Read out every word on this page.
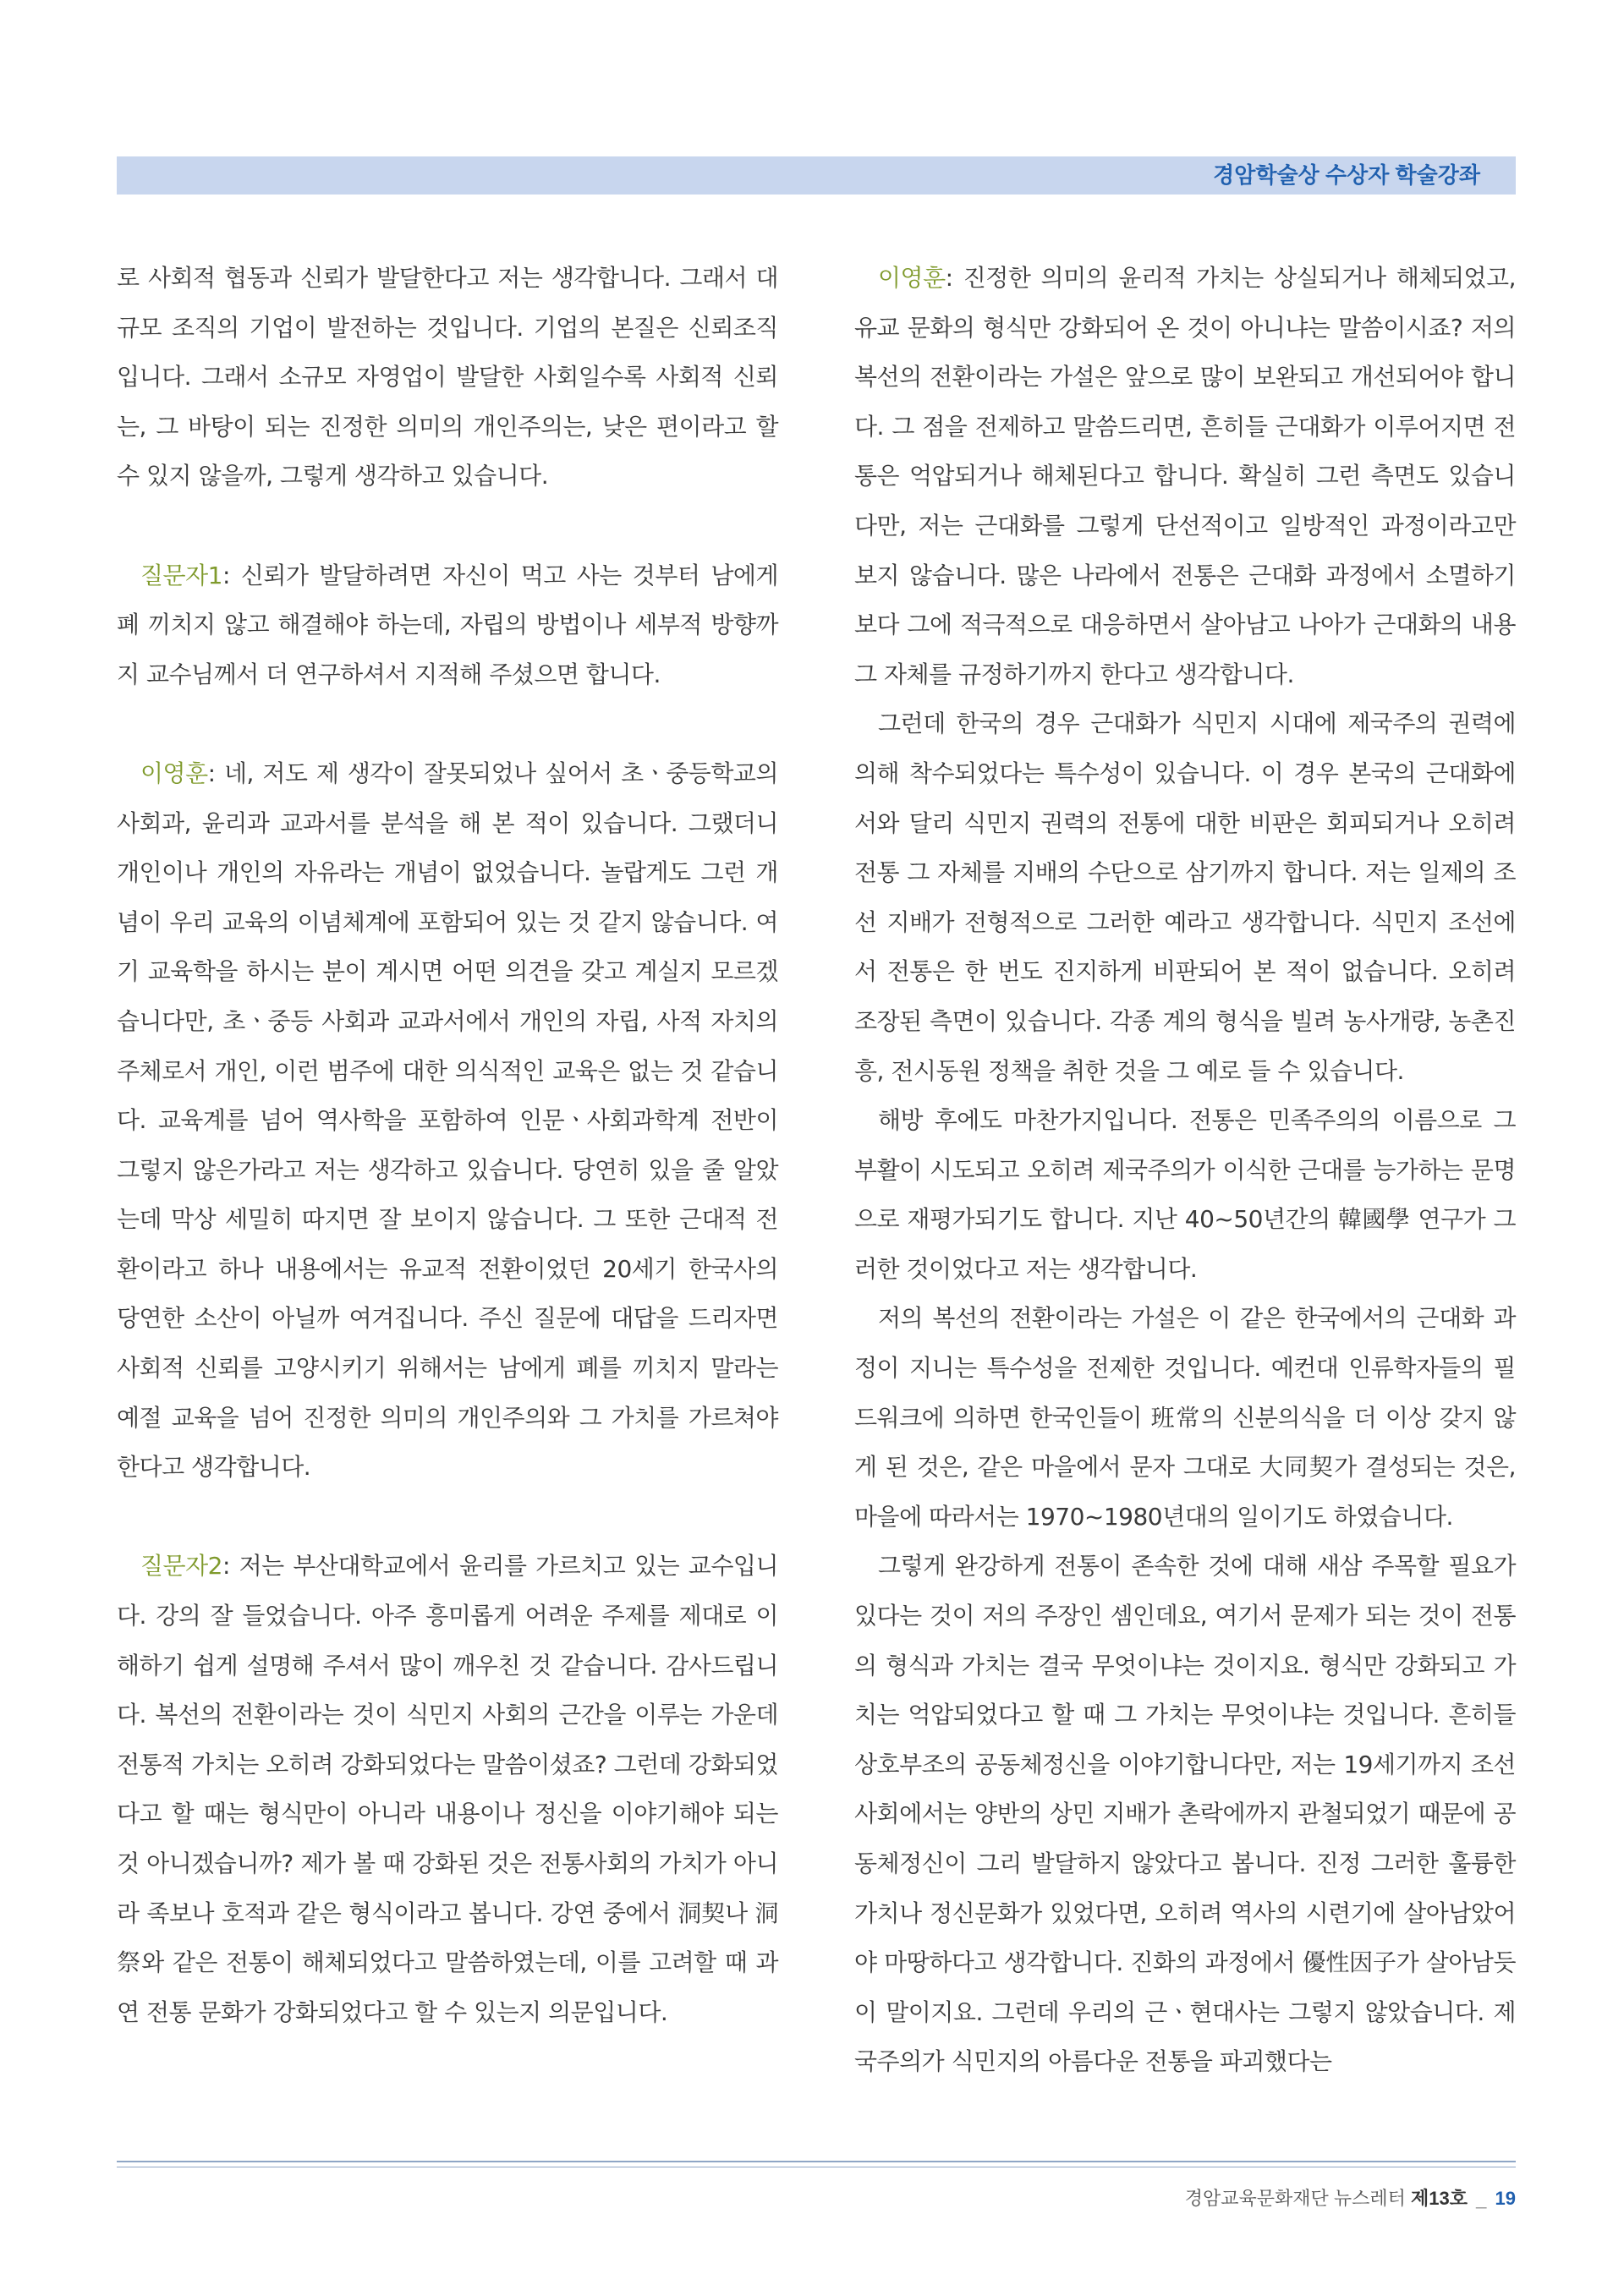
경암학술상 수상자 학술강좌

로 사회적 협동과 신뢰가 발달한다고 저는 생각합니다. 그래서 대규모 조직의 기업이 발전하는 것입니다. 기업의 본질은 신뢰조직입니다. 그래서 소규모 자영업이 발달한 사회일수록 사회적 신뢰는, 그 바탕이 되는 진정한 의미의 개인주의는, 낮은 편이라고 할 수 있지 않을까, 그렇게 생각하고 있습니다.

질문자1: 신뢰가 발달하려면 자신이 먹고 사는 것부터 남에게 폐 끼치지 않고 해결해야 하는데, 자립의 방법이나 세부적 방향까지 교수님께서 더 연구하셔서 지적해 주셨으면 합니다.

이영훈: 네, 저도 제 생각이 잘못되었나 싶어서 초ㆍ중등학교의 사회과, 윤리과 교과서를 분석을 해 본 적이 있습니다. 그랬더니 개인이나 개인의 자유라는 개념이 없었습니다. 놀랍게도 그런 개념이 우리 교육의 이념체계에 포함되어 있는 것 같지 않습니다. 여기 교육학을 하시는 분이 계시면 어떤 의견을 갖고 계실지 모르겠습니다만, 초ㆍ중등 사회과 교과서에서 개인의 자립, 사적 자치의 주체로서 개인, 이런 범주에 대한 의식적인 교육은 없는 것 같습니다. 교육계를 넘어 역사학을 포함하여 인문ㆍ사회과학계 전반이 그렇지 않은가라고 저는 생각하고 있습니다. 당연히 있을 줄 알았는데 막상 세밀히 따지면 잘 보이지 않습니다. 그 또한 근대적 전환이라고 하나 내용에서는 유교적 전환이었던 20세기 한국사의 당연한 소산이 아닐까 여겨집니다. 주신 질문에 대답을 드리자면 사회적 신뢰를 고양시키기 위해서는 남에게 폐를 끼치지 말라는 예절 교육을 넘어 진정한 의미의 개인주의와 그 가치를 가르쳐야 한다고 생각합니다.

질문자2: 저는 부산대학교에서 윤리를 가르치고 있는 교수입니다. 강의 잘 들었습니다. 아주 흥미롭게 어려운 주제를 제대로 이해하기 쉽게 설명해 주셔서 많이 깨우친 것 같습니다. 감사드립니다. 복선의 전환이라는 것이 식민지 사회의 근간을 이루는 가운데 전통적 가치는 오히려 강화되었다는 말씀이셨죠? 그런데 강화되었다고 할 때는 형식만이 아니라 내용이나 정신을 이야기해야 되는 것 아니겠습니까? 제가 볼 때 강화된 것은 전통사회의 가치가 아니라 족보나 호적과 같은 형식이라고 봅니다. 강연 중에서 洞契나 洞祭와 같은 전통이 해체되었다고 말씀하였는데, 이를 고려할 때 과연 전통 문화가 강화되었다고 할 수 있는지 의문입니다.

이영훈: 진정한 의미의 윤리적 가치는 상실되거나 해체되었고, 유교 문화의 형식만 강화되어 온 것이 아니냐는 말씀이시죠? 저의 복선의 전환이라는 가설은 앞으로 많이 보완되고 개선되어야 합니다. 그 점을 전제하고 말씀드리면, 흔히들 근대화가 이루어지면 전통은 억압되거나 해체된다고 합니다. 확실히 그런 측면도 있습니다만, 저는 근대화를 그렇게 단선적이고 일방적인 과정이라고만 보지 않습니다. 많은 나라에서 전통은 근대화 과정에서 소멸하기보다 그에 적극적으로 대응하면서 살아남고 나아가 근대화의 내용 그 자체를 규정하기까지 한다고 생각합니다.

그런데 한국의 경우 근대화가 식민지 시대에 제국주의 권력에 의해 착수되었다는 특수성이 있습니다. 이 경우 본국의 근대화에서와 달리 식민지 권력의 전통에 대한 비판은 회피되거나 오히려 전통 그 자체를 지배의 수단으로 삼기까지 합니다. 저는 일제의 조선 지배가 전형적으로 그러한 예라고 생각합니다. 식민지 조선에서 전통은 한 번도 진지하게 비판되어 본 적이 없습니다. 오히려 조장된 측면이 있습니다. 각종 계의 형식을 빌려 농사개량, 농촌진흥, 전시동원 정책을 취한 것을 그 예로 들 수 있습니다.

해방 후에도 마찬가지입니다. 전통은 민족주의의 이름으로 그 부활이 시도되고 오히려 제국주의가 이식한 근대를 능가하는 문명으로 재평가되기도 합니다. 지난 40~50년간의 韓國學 연구가 그러한 것이었다고 저는 생각합니다.

저의 복선의 전환이라는 가설은 이 같은 한국에서의 근대화 과정이 지니는 특수성을 전제한 것입니다. 예컨대 인류학자들의 필드워크에 의하면 한국인들이 班常의 신분의식을 더 이상 갖지 않게 된 것은, 같은 마을에서 문자 그대로 大同契가 결성되는 것은, 마을에 따라서는 1970~1980년대의 일이기도 하였습니다.

그렇게 완강하게 전통이 존속한 것에 대해 새삼 주목할 필요가 있다는 것이 저의 주장인 셈인데요, 여기서 문제가 되는 것이 전통의 형식과 가치는 결국 무엇이냐는 것이지요. 형식만 강화되고 가치는 억압되었다고 할 때 그 가치는 무엇이냐는 것입니다. 흔히들 상호부조의 공동체정신을 이야기합니다만, 저는 19세기까지 조선사회에서는 양반의 상민 지배가 촌락에까지 관철되었기 때문에 공동체정신이 그리 발달하지 않았다고 봅니다. 진정 그러한 훌륭한 가치나 정신문화가 있었다면, 오히려 역사의 시련기에 살아남았어야 마땅하다고 생각합니다. 진화의 과정에서 優性因子가 살아남듯이 말이지요. 그런데 우리의 근ㆍ현대사는 그렇지 않았습니다. 제국주의가 식민지의 아름다운 전통을 파괴했다는

경암교육문화재단 뉴스레터 제13호 _ 19
